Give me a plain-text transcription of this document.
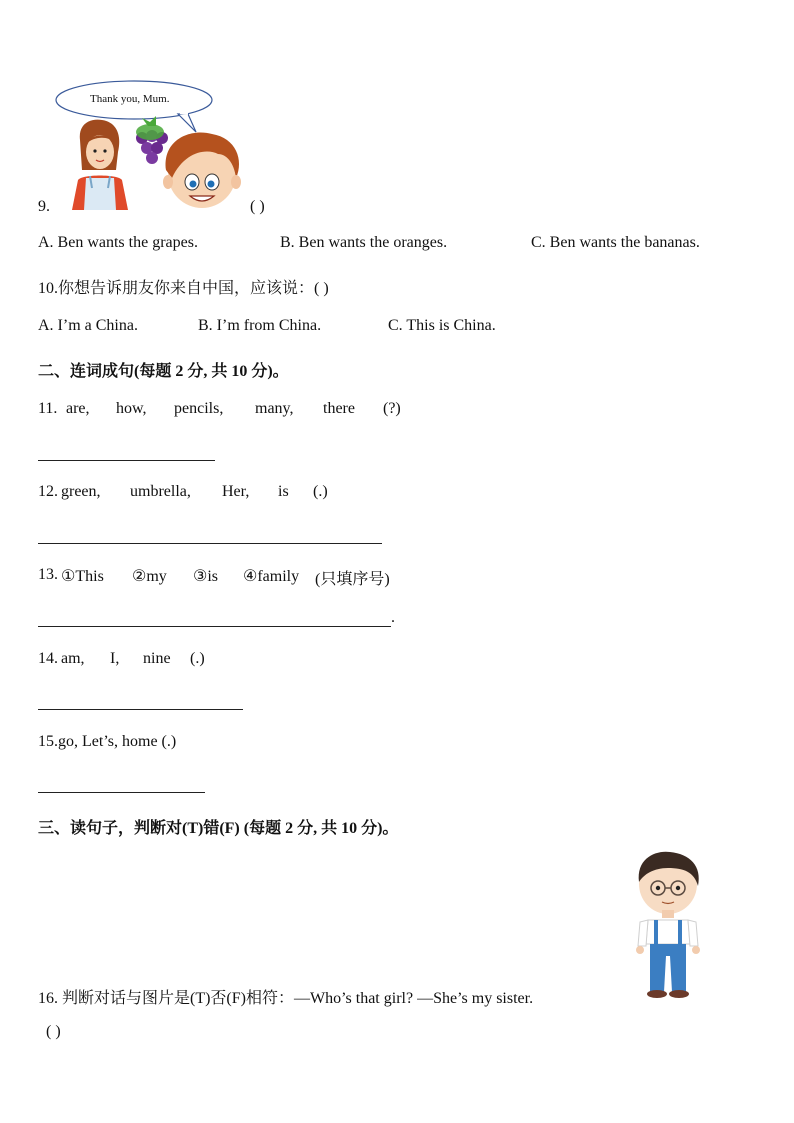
Thank you, Mum.
9.	( )
A. Ben wants the grapes.	B. Ben wants the oranges.	C. Ben wants the bananas.
10.你想告诉朋友你来自中国，应该说：( )
A. I’m a China.	B. I’m from China.	C. This is China.
二、连词成句(每题 2 分, 共 10 分)。
11. are, how, pencils, many, there (?)
12. green, umbrella, Her, is (.)
13. ①This ②my ③is ④family (只填序号)
.
14. am, I, nine (.)
15.go, Let’s, home (.)
三、读句子，判断对(T)错(F) (每题 2 分, 共 10 分)。
16. 判断对话与图片是(T)否(F)相符：—Who’s that girl? —She’s my sister.
( )
